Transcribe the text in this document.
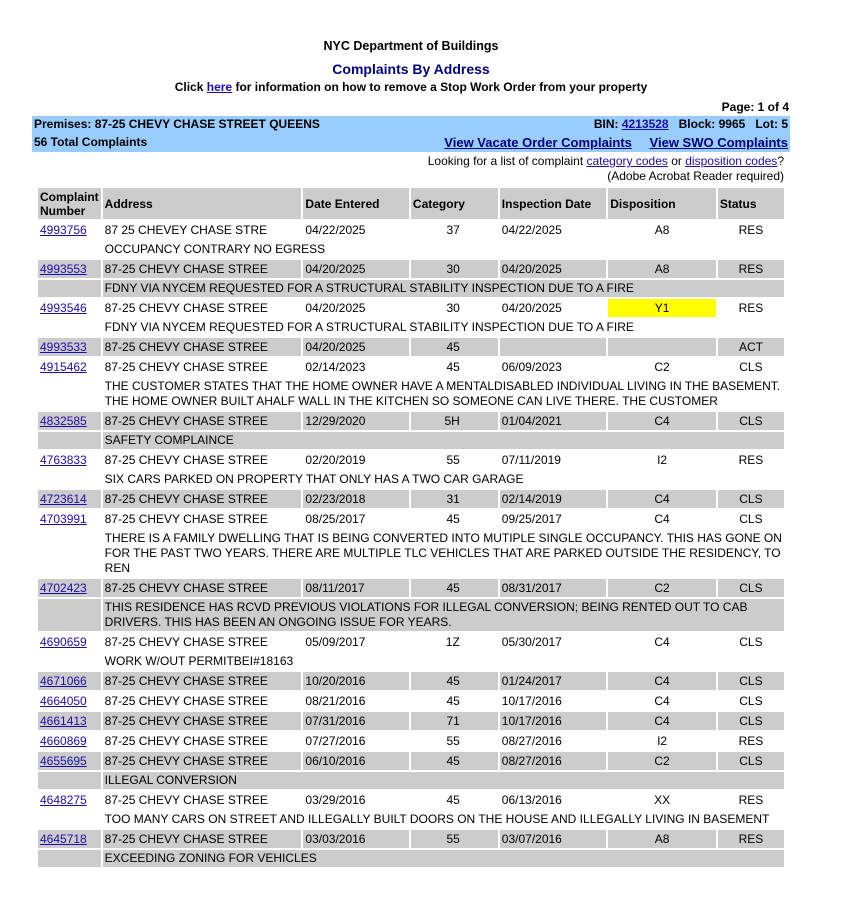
NYC Department of Buildings
Complaints By Address
Click here for information on how to remove a Stop Work Order from your property
Page: 1 of 4
Premises: 87-25 CHEVY CHASE STREET QUEENS
56 Total Complaints
BIN: 4213528 Block: 9965 Lot: 5
View Vacate Order Complaints View SWO Complaints
Looking for a list of complaint category codes or disposition codes?
(Adobe Acrobat Reader required)
Complaint Number	Address	Date Entered	Category	Inspection Date	Disposition	Status
4993756	87 25 CHEVEY CHASE STRE	04/22/2025	37	04/22/2025	A8	RES
	OCCUPANCY CONTRARY NO EGRESS					
4993553	87-25 CHEVY CHASE STREE	04/20/2025	30	04/20/2025	A8	RES
	FDNY VIA NYCEM REQUESTED FOR A STRUCTURAL STABILITY INSPECTION DUE TO A FIRE					
4993546	87-25 CHEVY CHASE STREE	04/20/2025	30	04/20/2025	Y1	RES
	FDNY VIA NYCEM REQUESTED FOR A STRUCTURAL STABILITY INSPECTION DUE TO A FIRE					
4993533	87-25 CHEVY CHASE STREE	04/20/2025	45			ACT
4915462	87-25 CHEVY CHASE STREE	02/14/2023	45	06/09/2023	C2	CLS
	THE CUSTOMER STATES THAT THE HOME OWNER HAVE A MENTALDISABLED INDIVIDUAL LIVING IN THE BASEMENT. THE HOME OWNER BUILT AHALF WALL IN THE KITCHEN SO SOMEONE CAN LIVE THERE. THE CUSTOMER					
4832585	87-25 CHEVY CHASE STREE	12/29/2020	5H	01/04/2021	C4	CLS
	SAFETY COMPLAINCE					
4763833	87-25 CHEVY CHASE STREE	02/20/2019	55	07/11/2019	I2	RES
	SIX CARS PARKED ON PROPERTY THAT ONLY HAS A TWO CAR GARAGE					
4723614	87-25 CHEVY CHASE STREE	02/23/2018	31	02/14/2019	C4	CLS
4703991	87-25 CHEVY CHASE STREE	08/25/2017	45	09/25/2017	C4	CLS
	THERE IS A FAMILY DWELLING THAT IS BEING CONVERTED INTO MUTIPLE SINGLE OCCUPANCY. THIS HAS GONE ON FOR THE PAST TWO YEARS. THERE ARE MULTIPLE TLC VEHICLES THAT ARE PARKED OUTSIDE THE RESIDENCY, TO REN					
4702423	87-25 CHEVY CHASE STREE	08/11/2017	45	08/31/2017	C2	CLS
	THIS RESIDENCE HAS RCVD PREVIOUS VIOLATIONS FOR ILLEGAL CONVERSION; BEING RENTED OUT TO CAB DRIVERS. THIS HAS BEEN AN ONGOING ISSUE FOR YEARS.					
4690659	87-25 CHEVY CHASE STREE	05/09/2017	1Z	05/30/2017	C4	CLS
	WORK W/OUT PERMITBEI#18163					
4671066	87-25 CHEVY CHASE STREE	10/20/2016	45	01/24/2017	C4	CLS
4664050	87-25 CHEVY CHASE STREE	08/21/2016	45	10/17/2016	C4	CLS
4661413	87-25 CHEVY CHASE STREE	07/31/2016	71	10/17/2016	C4	CLS
4660869	87-25 CHEVY CHASE STREE	07/27/2016	55	08/27/2016	I2	RES
4655695	87-25 CHEVY CHASE STREE	06/10/2016	45	08/27/2016	C2	CLS
	ILLEGAL CONVERSION					
4648275	87-25 CHEVY CHASE STREE	03/29/2016	45	06/13/2016	XX	RES
	TOO MANY CARS ON STREET AND ILLEGALLY BUILT DOORS ON THE HOUSE AND ILLEGALLY LIVING IN BASEMENT					
4645718	87-25 CHEVY CHASE STREE	03/03/2016	55	03/07/2016	A8	RES
	EXCEEDING ZONING FOR VEHICLES					
